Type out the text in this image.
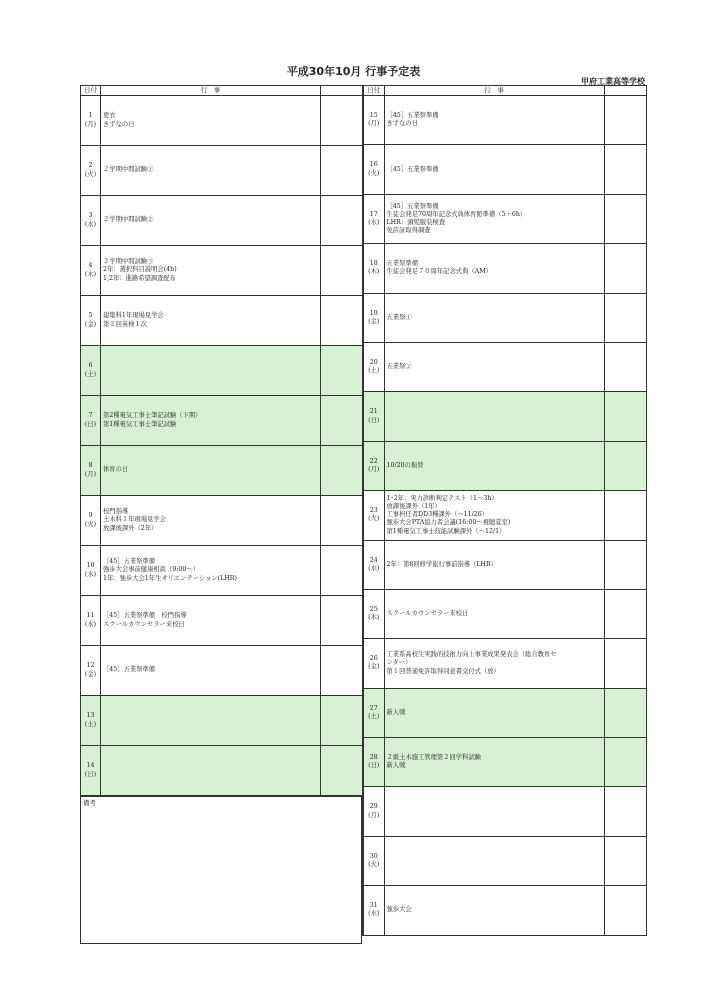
平成30年10月 行事予定表
甲府工業高等学校
日付	行　事	

1
(月)	更衣
きずなの日	

2
(火)	２学期中間試験①	

3
(水)	２学期中間試験②	

4
(木)	２学期中間試験③
2年：選択科目説明会(4h)
1,2年：進路希望調査配布	

5
(金)	建築科1年現場見学会
第２回英検１次	

6
(土)		

7
(日)	第2種電気工事士筆記試験（下期）
第1種電気工事士筆記試験	

8
(月)	体育の日	

9
(火)	校門指導
土木科１年現場見学会
放課後課外（2年）	

10
(水)	［45］五業祭準備
強歩大会事前健康相談（9:00～）
1年：強歩大会1年生オリエンテーション(LHR)	

11
(木)	［45］五業祭準備　校門指導
スクールカウンセラー来校日	

12
(金)	［45］五業祭準備	

13
(土)		

14
(日)		

日付	行　事	

15
(月)	［45］五業祭準備
きずなの日	

16
(火)	［45］五業祭準備	

17
(水)	［45］五業祭準備
生徒会発足70周年記念式典体育館準備（5・6h）
LHR：頭髪服装検査
免許証取得調査	

18
(木)	五業祭準備
生徒会発足７０周年記念式典（AM）	

19
(金)	五業祭①	

20
(土)	五業祭②	

21
(日)		

22
(月)	10/20の振替	

23
(火)	1･2年：実力診断判定テスト（1～3h）
放課後課外（1年）
工事担任者DD3種課外（～11/26）
強歩大会PTA協力者会議(16:00～視聴覚室)
第1種電気工事士技能試験課外（～12/1）	

24
(水)	2年：第8回修学旅行事前指導（LHR）	

25
(木)	スクールカウンセラー来校日	

26
(金)	工業系高校生実践的技術力向上事業成果発表会（総合教育セ
ンター）
第１回普通免許取得同意書交付式（放）	

27
(土)	新人戦	

28
(日)	２級土木施工管理第２回学科試験
新人戦	

29
(月)		

30
(火)		

31
(水)	強歩大会	

備考
